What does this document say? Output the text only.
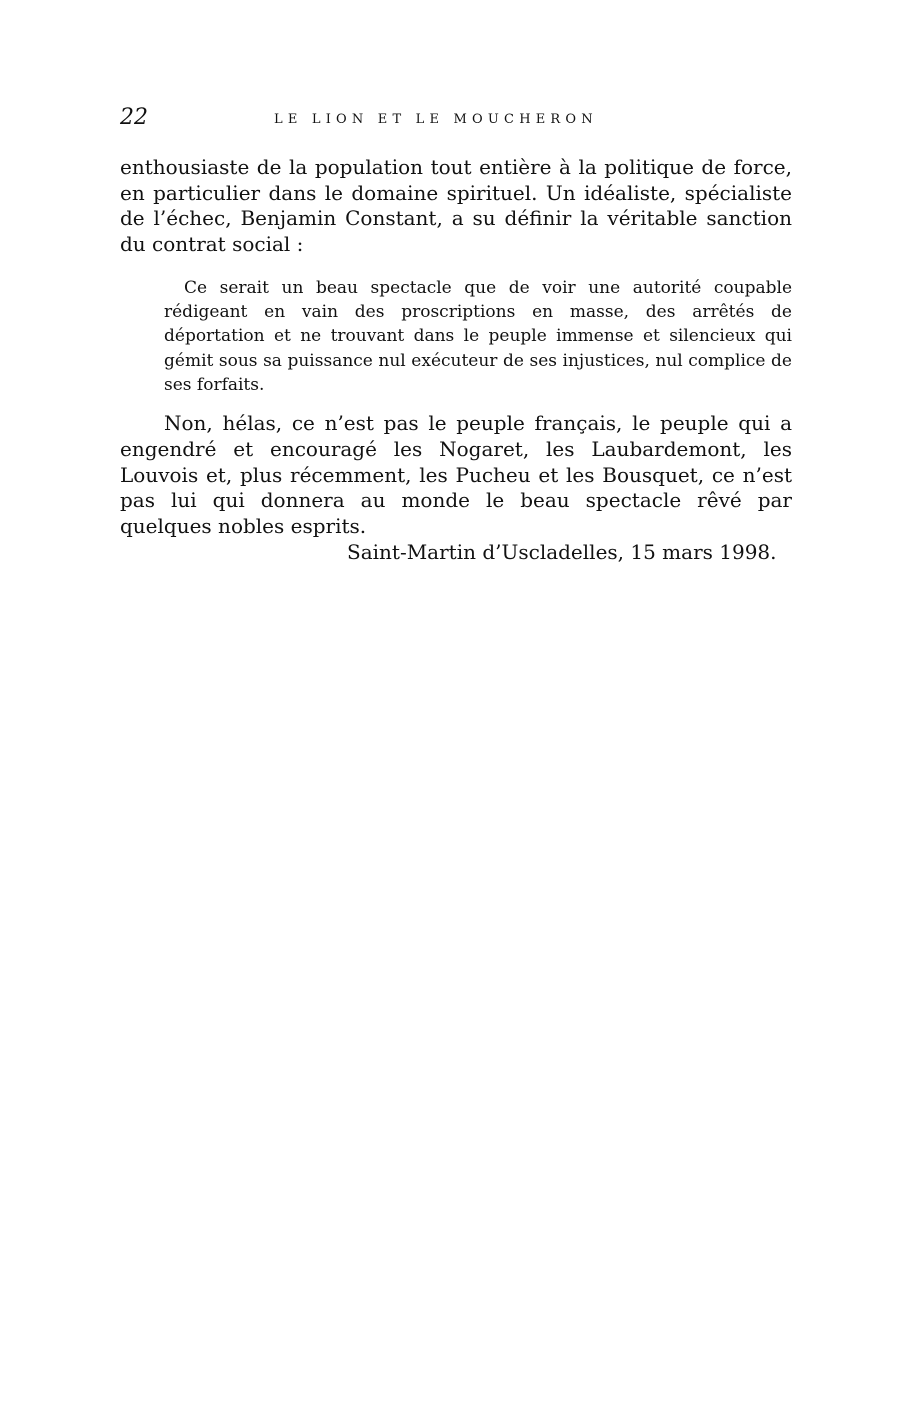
22	LE LION ET LE MOUCHERON

enthousiaste de la population tout entière à la politique de force, en particulier dans le domaine spirituel. Un idéaliste, spécialiste de l’échec, Benjamin Constant, a su définir la véritable sanction du contrat social :

Ce serait un beau spectacle que de voir une autorité coupable rédigeant en vain des proscriptions en masse, des arrêtés de déportation et ne trouvant dans le peuple immense et silencieux qui gémit sous sa puissance nul exécuteur de ses injustices, nul complice de ses forfaits.

Non, hélas, ce n’est pas le peuple français, le peuple qui a engendré et encouragé les Nogaret, les Laubardemont, les Louvois et, plus récemment, les Pucheu et les Bousquet, ce n’est pas lui qui donnera au monde le beau spectacle rêvé par quelques nobles esprits.

Saint-Martin d’Uscladelles, 15 mars 1998.
